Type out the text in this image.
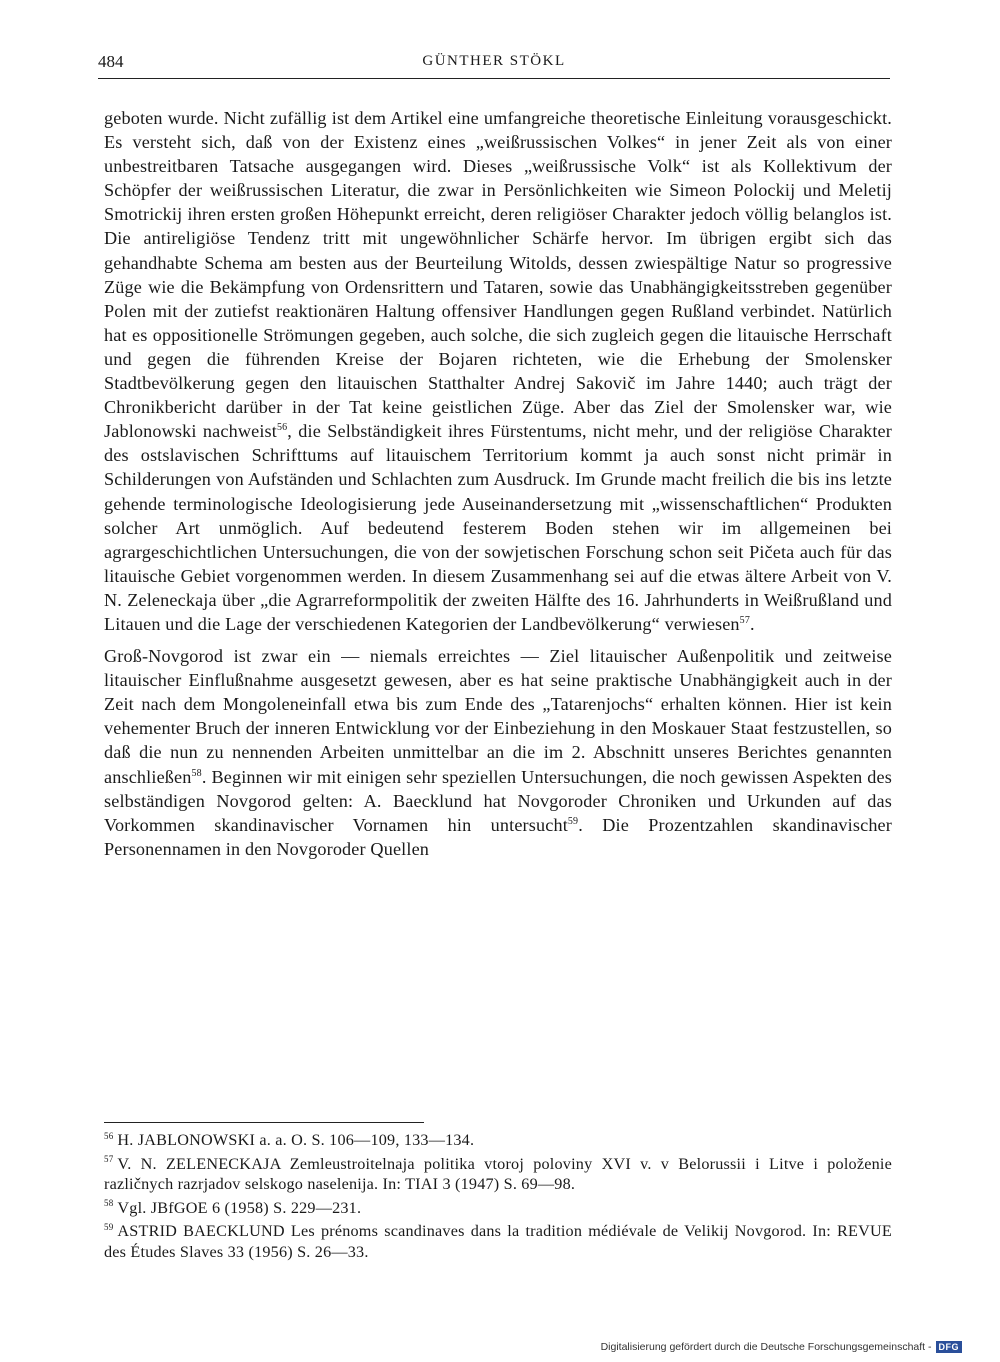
484	GÜNTHER STÖKL

geboten wurde. Nicht zufällig ist dem Artikel eine umfangreiche theoretische Einleitung vorausgeschickt. Es versteht sich, daß von der Existenz eines „weißrussischen Volkes“ in jener Zeit als von einer unbestreitbaren Tatsache ausgegangen wird. Dieses „weißrussische Volk“ ist als Kollektivum der Schöpfer der weißrussischen Literatur, die zwar in Persönlichkeiten wie Simeon Polockij und Meletij Smotrickij ihren ersten großen Höhepunkt erreicht, deren religiöser Charakter jedoch völlig belanglos ist. Die antireligiöse Tendenz tritt mit ungewöhnlicher Schärfe hervor. Im übrigen ergibt sich das gehandhabte Schema am besten aus der Beurteilung Witolds, dessen zwiespältige Natur so progressive Züge wie die Bekämpfung von Ordensrittern und Tataren, sowie das Unabhängigkeitsstreben gegenüber Polen mit der zutiefst reaktionären Haltung offensiver Handlungen gegen Rußland verbindet. Natürlich hat es oppositionelle Strömungen gegeben, auch solche, die sich zugleich gegen die litauische Herrschaft und gegen die führenden Kreise der Bojaren richteten, wie die Erhebung der Smolensker Stadtbevölkerung gegen den litauischen Statthalter Andrej Sakovič im Jahre 1440; auch trägt der Chronikbericht darüber in der Tat keine geistlichen Züge. Aber das Ziel der Smolensker war, wie Jablonowski nachweist$^{56}$, die Selbständigkeit ihres Fürstentums, nicht mehr, und der religiöse Charakter des ostslavischen Schrifttums auf litauischem Territorium kommt ja auch sonst nicht primär in Schilderungen von Aufständen und Schlachten zum Ausdruck. Im Grunde macht freilich die bis ins letzte gehende terminologische Ideologisierung jede Auseinandersetzung mit „wissenschaftlichen“ Produkten solcher Art unmöglich. Auf bedeutend festerem Boden stehen wir im allgemeinen bei agrargeschichtlichen Untersuchungen, die von der sowjetischen Forschung schon seit Pičeta auch für das litauische Gebiet vorgenommen werden. In diesem Zusammenhang sei auf die etwas ältere Arbeit von V. N. Zeleneckaja über „die Agrarreformpolitik der zweiten Hälfte des 16. Jahrhunderts in Weißrußland und Litauen und die Lage der verschiedenen Kategorien der Landbevölkerung“ verwiesen$^{57}$.

Groß-Novgorod ist zwar ein — niemals erreichtes — Ziel litauischer Außenpolitik und zeitweise litauischer Einflußnahme ausgesetzt gewesen, aber es hat seine praktische Unabhängigkeit auch in der Zeit nach dem Mongoleneinfall etwa bis zum Ende des „Tatarenjochs“ erhalten können. Hier ist kein vehementer Bruch der inneren Entwicklung vor der Einbeziehung in den Moskauer Staat festzustellen, so daß die nun zu nennenden Arbeiten unmittelbar an die im 2. Abschnitt unseres Berichtes genannten anschließen$^{58}$. Beginnen wir mit einigen sehr speziellen Untersuchungen, die noch gewissen Aspekten des selbständigen Novgorod gelten: A. Baecklund hat Novgoroder Chroniken und Urkunden auf das Vorkommen skandinavischer Vornamen hin untersucht$^{59}$. Die Prozentzahlen skandinavischer Personennamen in den Novgoroder Quellen

$^{56}$ H. JABLONOWSKI a. a. O. S. 106—109, 133—134.

$^{57}$ V. N. ZELENECKAJA Zemleustroitelnaja politika vtoroj poloviny XVI v. v Belorussii i Litve i položenie različnych razrjadov selskogo naselenija. In: TIAI 3 (1947) S. 69—98.

$^{58}$ Vgl. JBfGOE 6 (1958) S. 229—231.

$^{59}$ ASTRID BAECKLUND Les prénoms scandinaves dans la tradition médiévale de Velikij Novgorod. In: REVUE des Études Slaves 33 (1956) S. 26—33.

Digitalisierung gefördert durch die Deutsche Forschungsgemeinschaft - DFG
